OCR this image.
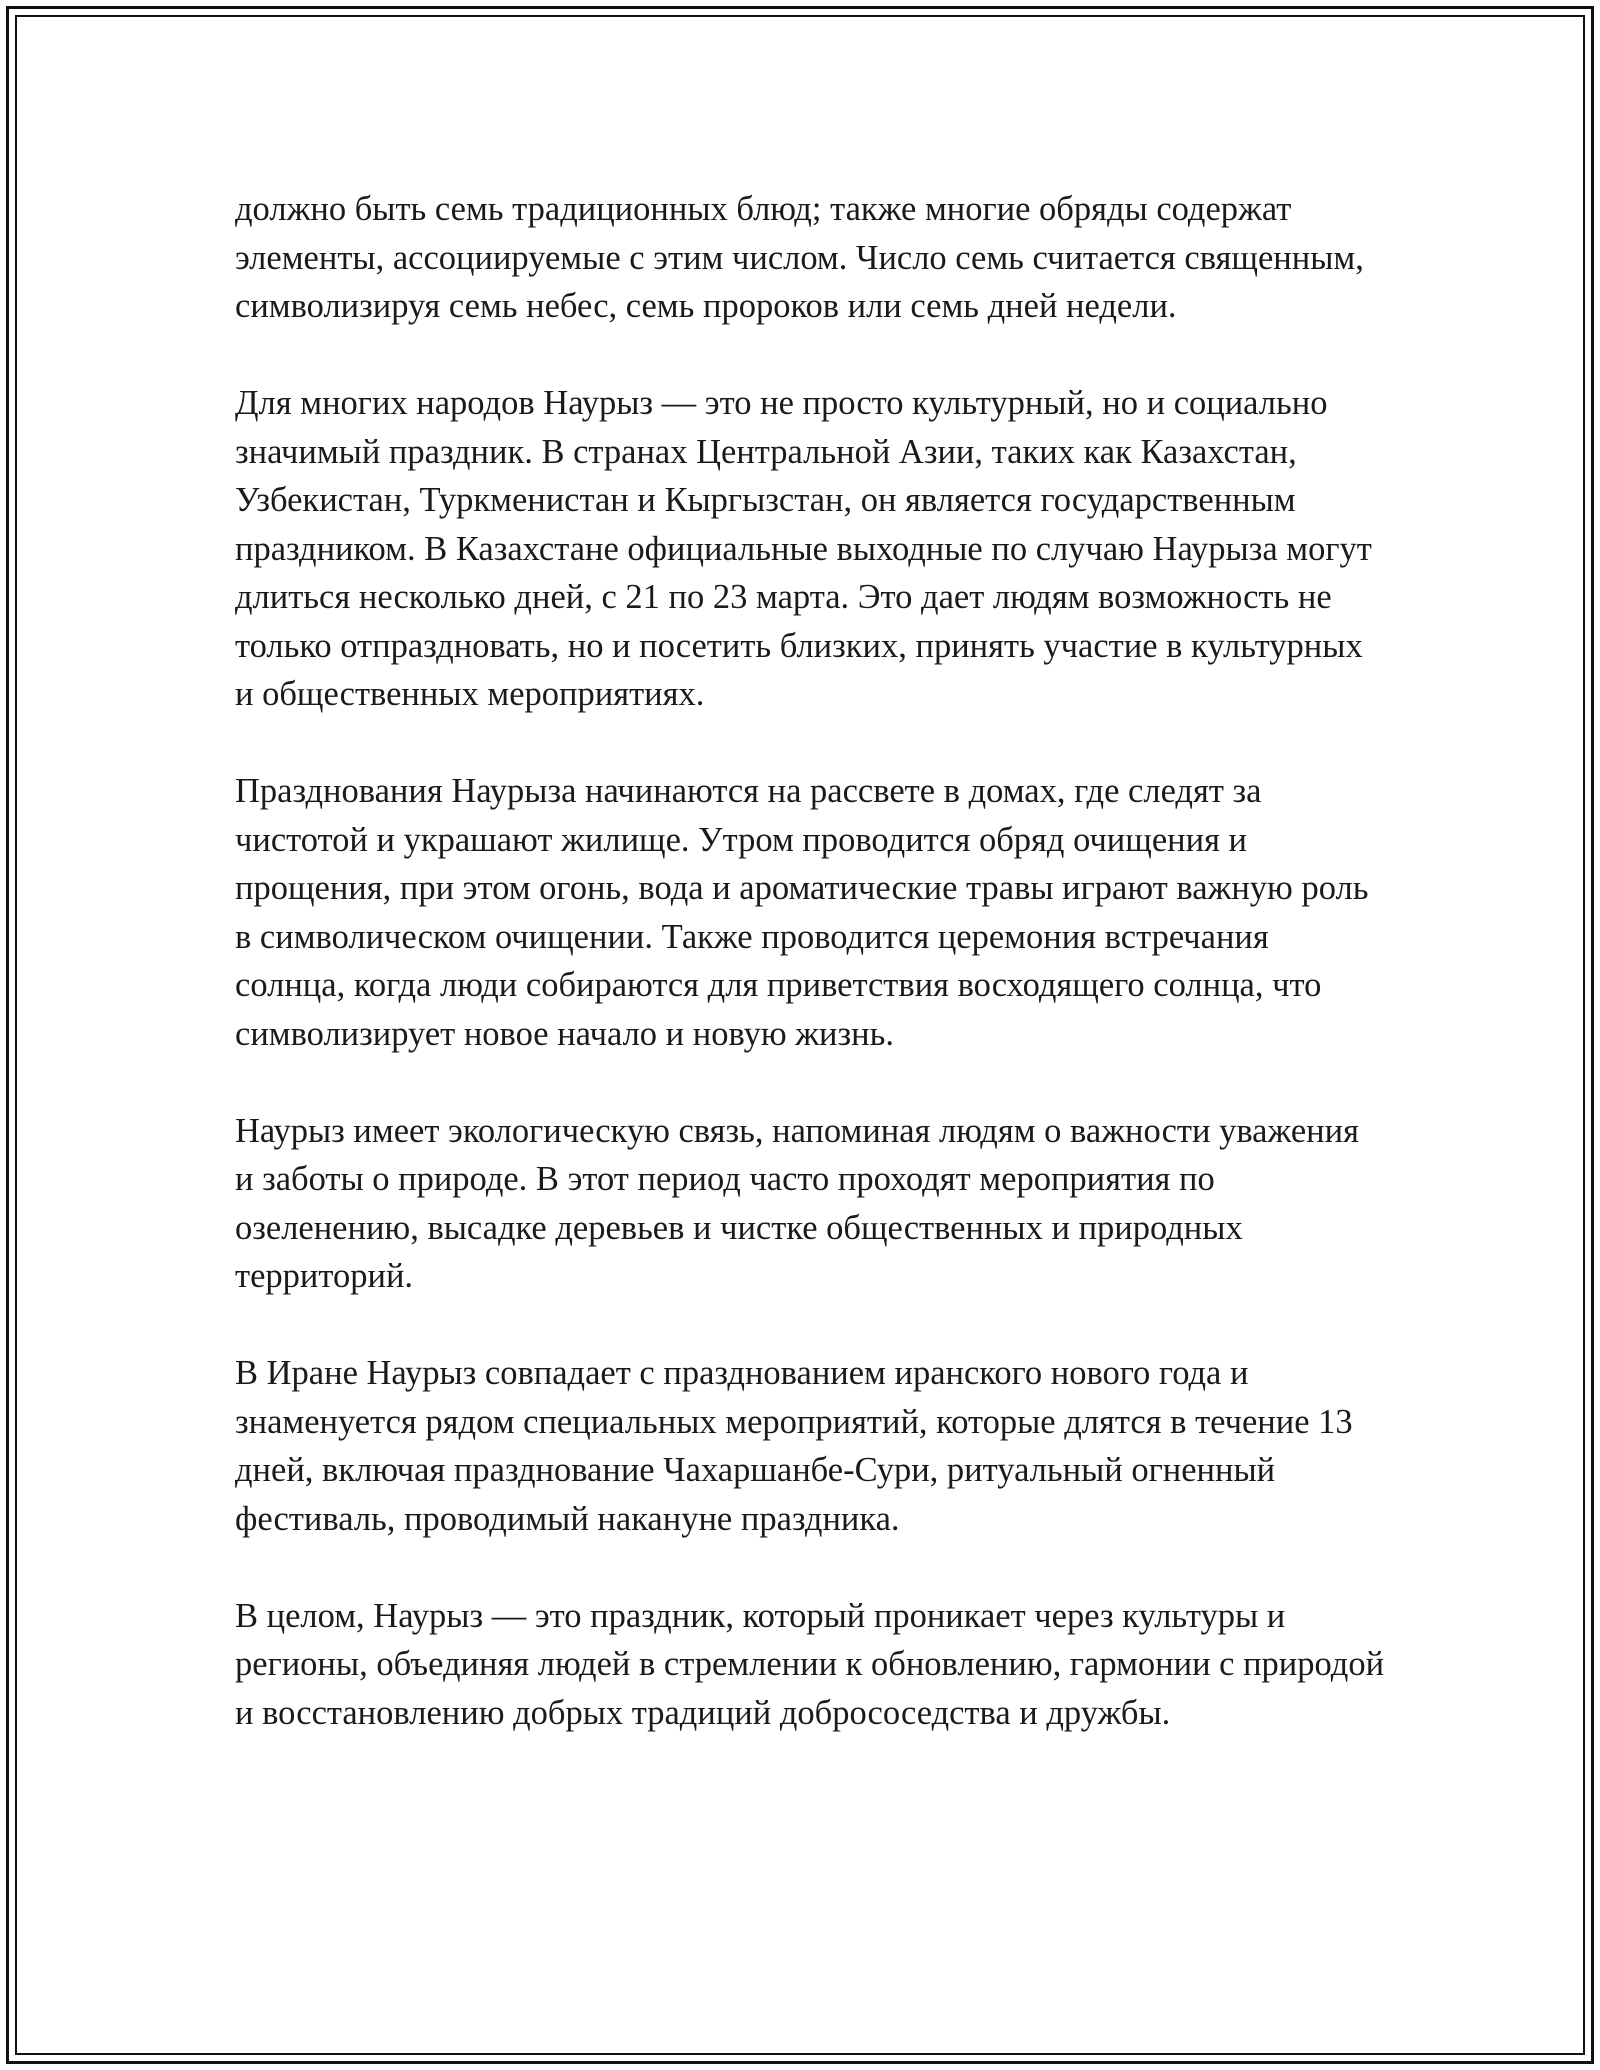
должно быть семь традиционных блюд; также многие обряды содержат элементы, ассоциируемые с этим числом. Число семь считается священным, символизируя семь небес, семь пророков или семь дней недели.

Для многих народов Наурыз — это не просто культурный, но и социально значимый праздник. В странах Центральной Азии, таких как Казахстан, Узбекистан, Туркменистан и Кыргызстан, он является государственным праздником. В Казахстане официальные выходные по случаю Наурыза могут длиться несколько дней, с 21 по 23 марта. Это дает людям возможность не только отпраздновать, но и посетить близких, принять участие в культурных и общественных мероприятиях.

Празднования Наурыза начинаются на рассвете в домах, где следят за чистотой и украшают жилище. Утром проводится обряд очищения и прощения, при этом огонь, вода и ароматические травы играют важную роль в символическом очищении. Также проводится церемония встречания солнца, когда люди собираются для приветствия восходящего солнца, что символизирует новое начало и новую жизнь.

Наурыз имеет экологическую связь, напоминая людям о важности уважения и заботы о природе. В этот период часто проходят мероприятия по озеленению, высадке деревьев и чистке общественных и природных территорий.

В Иране Наурыз совпадает с празднованием иранского нового года и знаменуется рядом специальных мероприятий, которые длятся в течение 13 дней, включая празднование Чахаршанбе-Сури, ритуальный огненный фестиваль, проводимый накануне праздника.

В целом, Наурыз — это праздник, который проникает через культуры и регионы, объединяя людей в стремлении к обновлению, гармонии с природой и восстановлению добрых традиций добрососедства и дружбы.
